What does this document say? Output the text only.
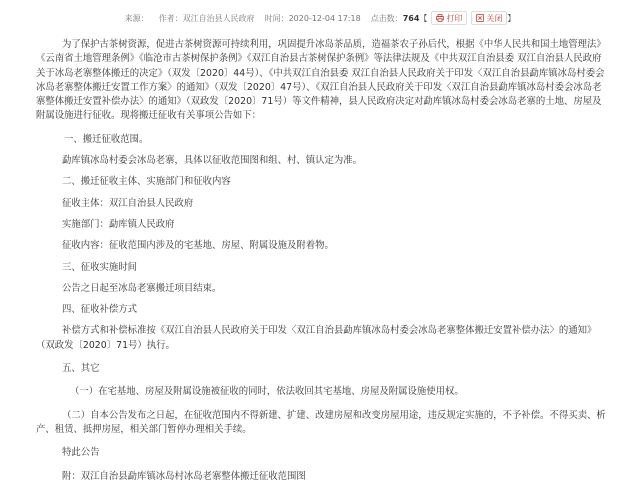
来源： 作者： 双江自治县人民政府 时间： 2020-12-04 17:18 点击数： 764 【 打印	关闭 】

为了保护古茶树资源，促进古茶树资源可持续利用，巩固提升冰岛茶品质，造福茶农子孙后代，根据《中华人民共和国土地管理法》《云南省土地管理条例》《临沧市古茶树保护条例》《双江自治县古茶树保护条例》等法律法规及《中共双江自治县委 双江自治县人民政府关于冰岛老寨整体搬迁的决定》（双发〔2020〕44号）、《中共双江自治县委 双江自治县人民政府关于印发〈双江自治县勐库镇冰岛村委会冰岛老寨整体搬迁安置工作方案〉的通知》（双发〔2020〕47号）、《双江自治县人民政府关于印发〈双江自治县勐库镇冰岛村委会冰岛老寨整体搬迁安置补偿办法〉的通知》（双政发〔2020〕71号）等文件精神，县人民政府决定对勐库镇冰岛村委会冰岛老寨的土地、房屋及附属设施进行征收。现将搬迁征收有关事项公告如下：

一、搬迁征收范围。

勐库镇冰岛村委会冰岛老寨，具体以征收范围图和组、村、镇认定为准。

二、搬迁征收主体、实施部门和征收内容

征收主体：双江自治县人民政府

实施部门：勐库镇人民政府

征收内容：征收范围内涉及的宅基地、房屋、附属设施及附着物。

三、征收实施时间

公告之日起至冰岛老寨搬迁项目结束。

四、征收补偿方式

补偿方式和补偿标准按《双江自治县人民政府关于印发〈双江自治县勐库镇冰岛村委会冰岛老寨整体搬迁安置补偿办法〉的通知》（双政发〔2020〕71号）执行。

五、其它

（一）在宅基地、房屋及附属设施被征收的同时，依法收回其宅基地、房屋及附属设施使用权。

（二）自本公告发布之日起，在征收范围内不得新建、扩建、改建房屋和改变房屋用途，违反规定实施的，不予补偿。不得买卖、析产、租赁、抵押房屋，相关部门暂停办理相关手续。

特此公告

附：双江自治县勐库镇冰岛村冰岛老寨整体搬迁征收范围图
